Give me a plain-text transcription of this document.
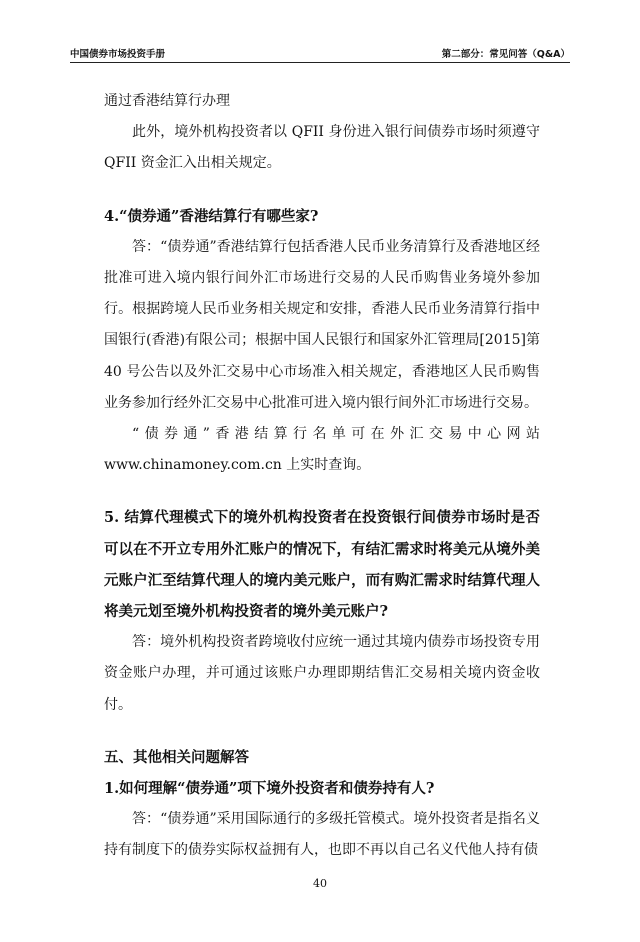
中国债券市场投资手册	第二部分：常见问答（Q&A）

通过香港结算行办理

此外，境外机构投资者以 QFII 身份进入银行间债券市场时须遵守 QFII 资金汇入出相关规定。

4.“债券通”香港结算行有哪些家?

答：“债券通”香港结算行包括香港人民币业务清算行及香港地区经批准可进入境内银行间外汇市场进行交易的人民币购售业务境外参加行。根据跨境人民币业务相关规定和安排，香港人民币业务清算行指中国银行(香港)有限公司；根据中国人民银行和国家外汇管理局[2015]第 40 号公告以及外汇交易中心市场准入相关规定，香港地区人民币购售业务参加行经外汇交易中心批准可进入境内银行间外汇市场进行交易。

“债券通”香港结算行名单可在外汇交易中心网站

www.chinamoney.com.cn 上实时查询。

5. 结算代理模式下的境外机构投资者在投资银行间债券市场时是否可以在不开立专用外汇账户的情况下，有结汇需求时将美元从境外美元账户汇至结算代理人的境内美元账户，而有购汇需求时结算代理人将美元划至境外机构投资者的境外美元账户?

答：境外机构投资者跨境收付应统一通过其境内债券市场投资专用资金账户办理，并可通过该账户办理即期结售汇交易相关境内资金收付。

五、其他相关问题解答
1.如何理解“债券通”项下境外投资者和债券持有人?

答：“债券通”采用国际通行的多级托管模式。境外投资者是指名义持有制度下的债券实际权益拥有人，也即不再以自己名义代他人持有债

40
